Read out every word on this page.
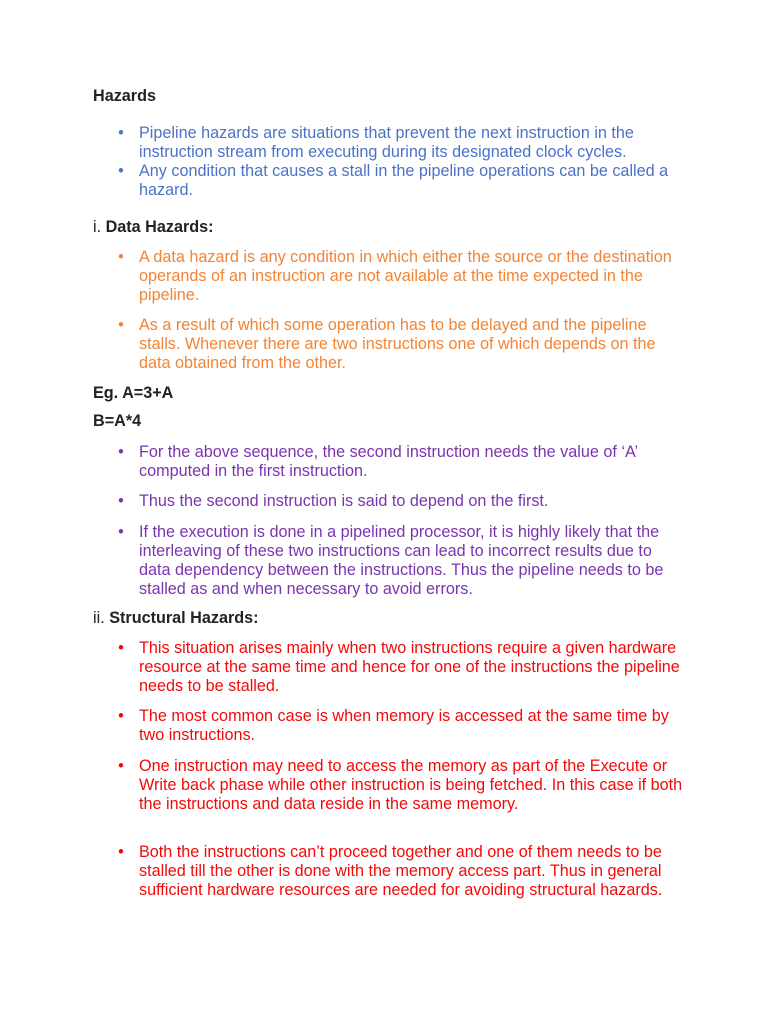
Hazards
• Pipeline hazards are situations that prevent the next instruction in the instruction stream from executing during its designated clock cycles.
• Any condition that causes a stall in the pipeline operations can be called a hazard.
i. Data Hazards:
• A data hazard is any condition in which either the source or the destination operands of an instruction are not available at the time expected in the pipeline.
• As a result of which some operation has to be delayed and the pipeline stalls. Whenever there are two instructions one of which depends on the data obtained from the other.
Eg. A=3+A
B=A*4
• For the above sequence, the second instruction needs the value of ‘A’ computed in the first instruction.
• Thus the second instruction is said to depend on the first.
• If the execution is done in a pipelined processor, it is highly likely that the interleaving of these two instructions can lead to incorrect results due to data dependency between the instructions. Thus the pipeline needs to be stalled as and when necessary to avoid errors.
ii. Structural Hazards:
• This situation arises mainly when two instructions require a given hardware resource at the same time and hence for one of the instructions the pipeline needs to be stalled.
• The most common case is when memory is accessed at the same time by two instructions.
• One instruction may need to access the memory as part of the Execute or Write back phase while other instruction is being fetched. In this case if both the instructions and data reside in the same memory.
• Both the instructions can’t proceed together and one of them needs to be stalled till the other is done with the memory access part. Thus in general sufficient hardware resources are needed for avoiding structural hazards.
